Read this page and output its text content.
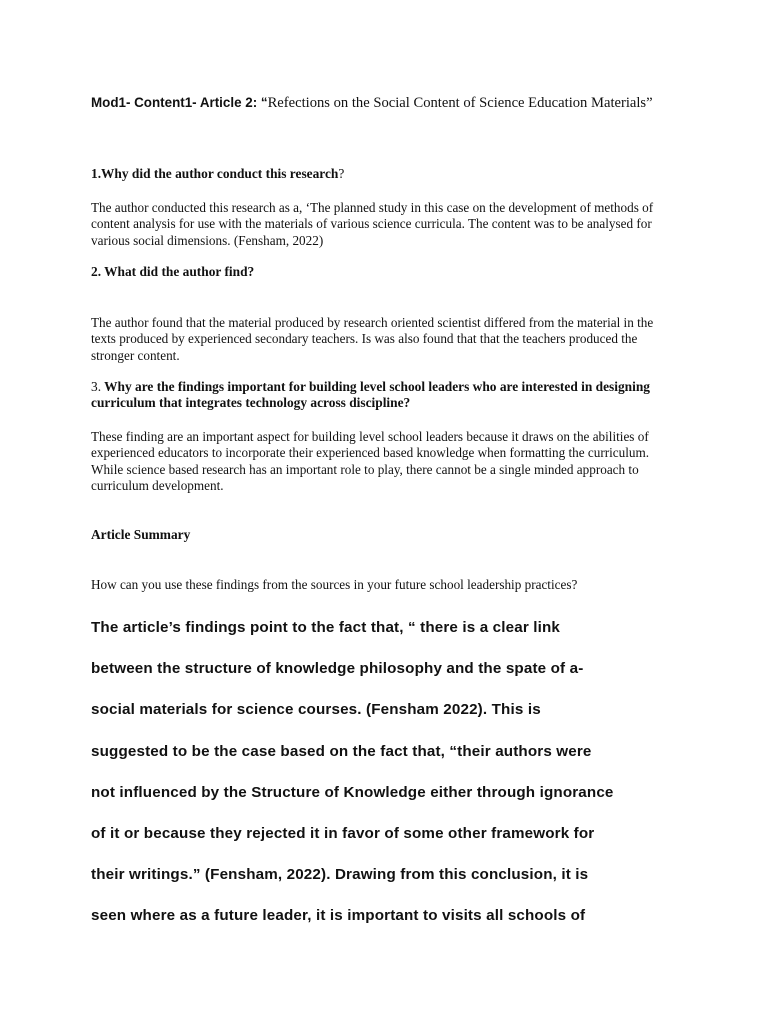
Mod1- Content1- Article 2: “Refections on the Social Content of Science Education Materials”

1.Why did the author conduct this research?

The author conducted this research as a, ‘The planned study in this case on the development of methods of content analysis for use with the materials of various science curricula. The content was to be analysed for various social dimensions. (Fensham, 2022)

2. What did the author find?

The author found that the material produced by research oriented scientist differed from the material in the texts produced by experienced secondary teachers. Is was also found that that the teachers produced the stronger content.

3. Why are the findings important for building level school leaders who are interested in designing curriculum that integrates technology across discipline?

These finding are an important aspect for building level school leaders because it draws on the abilities of experienced educators to incorporate their experienced based knowledge when formatting the curriculum. While science based research has an important role to play, there cannot be a single minded approach to curriculum development.

Article Summary

How can you use these findings from the sources in your future school leadership practices?

The article’s findings point to the fact that, “ there is a clear link
between the structure of knowledge philosophy and the spate of a-
social materials for science courses. (Fensham 2022). This is
suggested to be the case based on the fact that, “their authors were
not influenced by the Structure of Knowledge either through ignorance
of it or because they rejected it in favor of some other framework for
their writings.” (Fensham, 2022). Drawing from this conclusion, it is
seen where as a future leader, it is important to visits all schools of
